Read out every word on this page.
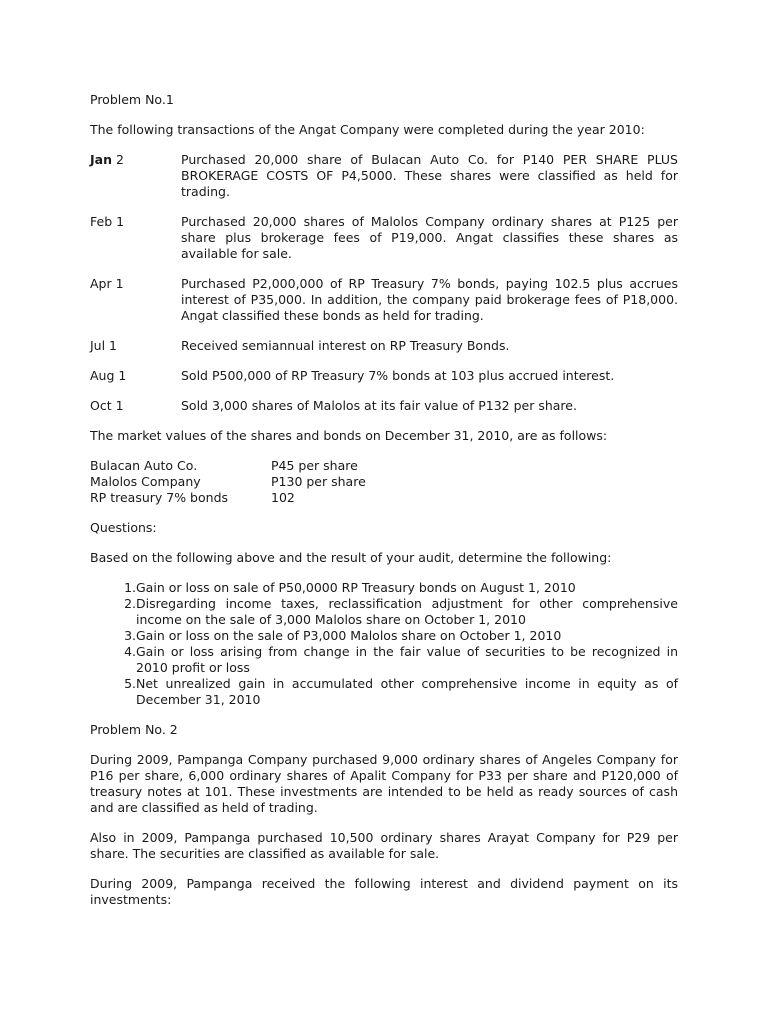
Problem No.1
The following transactions of the Angat Company were completed during the year 2010:
Jan 2	Purchased 20,000 share of Bulacan Auto Co. for P140 PER SHARE PLUS BROKERAGE COSTS OF P4,5000. These shares were classified as held for trading.
Feb 1	Purchased 20,000 shares of Malolos Company ordinary shares at P125 per share plus brokerage fees of P19,000. Angat classifies these shares as available for sale.
Apr 1	Purchased P2,000,000 of RP Treasury 7% bonds, paying 102.5 plus accrues interest of P35,000. In addition, the company paid brokerage fees of P18,000. Angat classified these bonds as held for trading.
Jul 1	Received semiannual interest on RP Treasury Bonds.
Aug 1	Sold P500,000 of RP Treasury 7% bonds at 103 plus accrued interest.
Oct 1	Sold 3,000 shares of Malolos at its fair value of P132 per share.
The market values of the shares and bonds on December 31, 2010, are as follows:
Bulacan Auto Co.	P45 per share
Malolos Company	P130 per share
RP treasury 7% bonds	102
Questions:
Based on the following above and the result of your audit, determine the following:
1. Gain or loss on sale of P50,0000 RP Treasury bonds on August 1, 2010
2. Disregarding income taxes, reclassification adjustment for other comprehensive income on the sale of 3,000 Malolos share on October 1, 2010
3. Gain or loss on the sale of P3,000 Malolos share on October 1, 2010
4. Gain or loss arising from change in the fair value of securities to be recognized in 2010 profit or loss
5. Net unrealized gain in accumulated other comprehensive income in equity as of December 31, 2010
Problem No. 2
During 2009, Pampanga Company purchased 9,000 ordinary shares of Angeles Company for P16 per share, 6,000 ordinary shares of Apalit Company for P33 per share and P120,000 of treasury notes at 101. These investments are intended to be held as ready sources of cash and are classified as held of trading.
Also in 2009, Pampanga purchased 10,500 ordinary shares Arayat Company for P29 per share. The securities are classified as available for sale.
During 2009, Pampanga received the following interest and dividend payment on its investments:
